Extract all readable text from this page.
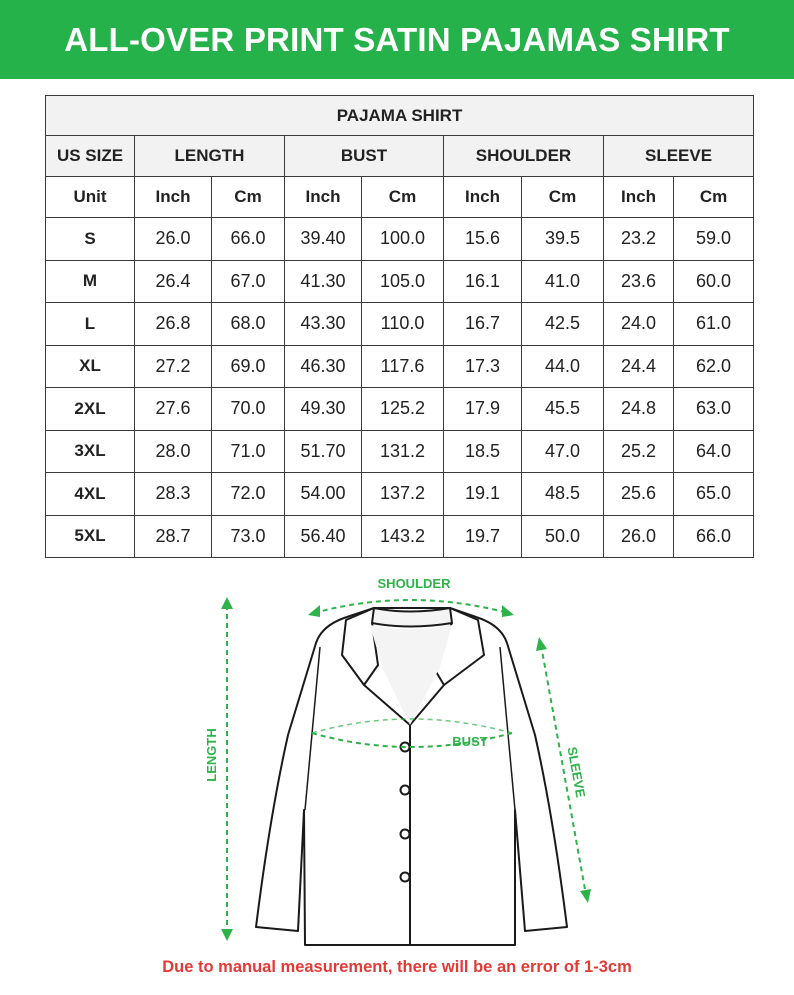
ALL-OVER PRINT SATIN PAJAMAS SHIRT
PAJAMA SHIRT								
US SIZE	LENGTH		BUST		SHOULDER		SLEEVE	
Unit	Inch	Cm	Inch	Cm	Inch	Cm	Inch	Cm
S	26.0	66.0	39.40	100.0	15.6	39.5	23.2	59.0
M	26.4	67.0	41.30	105.0	16.1	41.0	23.6	60.0
L	26.8	68.0	43.30	110.0	16.7	42.5	24.0	61.0
XL	27.2	69.0	46.30	117.6	17.3	44.0	24.4	62.0
2XL	27.6	70.0	49.30	125.2	17.9	45.5	24.8	63.0
3XL	28.0	71.0	51.70	131.2	18.5	47.0	25.2	64.0
4XL	28.3	72.0	54.00	137.2	19.1	48.5	25.6	65.0
5XL	28.7	73.0	56.40	143.2	19.7	50.0	26.0	66.0
SHOULDER
BUST
LENGTH	SLEEVE
Due to manual measurement, there will be an error of 1-3cm
